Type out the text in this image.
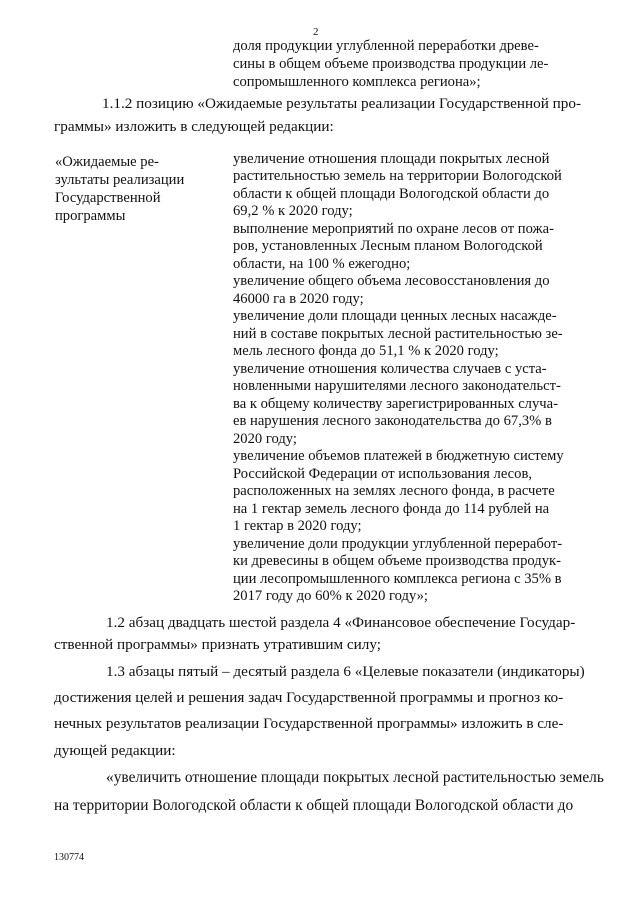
2
доля продукции углубленной переработки древе-
сины в общем объеме производства продукции ле-
сопромышленного комплекса региона»;
1.1.2 позицию «Ожидаемые результаты реализации Государственной про-
граммы» изложить в следующей редакции:
«Ожидаемые ре-
зультаты реализации
Государственной
программы
увеличение отношения площади покрытых лесной
растительностью земель на территории Вологодской
области к общей площади Вологодской области до
69,2 % к 2020 году;
выполнение мероприятий по охране лесов от пожа-
ров, установленных Лесным планом Вологодской
области, на 100 % ежегодно;
увеличение общего объема лесовосстановления до
46000 га в 2020 году;
увеличение доли площади ценных лесных насажде-
ний в составе покрытых лесной растительностью зе-
мель лесного фонда до 51,1 % к 2020 году;
увеличение отношения количества случаев с уста-
новленными нарушителями лесного законодательст-
ва к общему количеству зарегистрированных случа-
ев нарушения лесного законодательства до 67,3% в
2020 году;
увеличение объемов платежей в бюджетную систему
Российской Федерации от использования лесов,
расположенных на землях лесного фонда, в расчете
на 1 гектар земель лесного фонда до 114 рублей на
1 гектар в 2020 году;
увеличение доли продукции углубленной переработ-
ки древесины в общем объеме производства продук-
ции лесопромышленного комплекса региона с 35% в
2017 году до 60% к 2020 году»;
1.2 абзац двадцать шестой раздела 4 «Финансовое обеспечение Государ-
ственной программы» признать утратившим силу;
1.3 абзацы пятый – десятый раздела 6 «Целевые показатели (индикаторы)
достижения целей и решения задач Государственной программы и прогноз ко-
нечных результатов реализации Государственной программы» изложить в сле-
дующей редакции:
«увеличить отношение площади покрытых лесной растительностью земель
на территории Вологодской области к общей площади Вологодской области до
130774
